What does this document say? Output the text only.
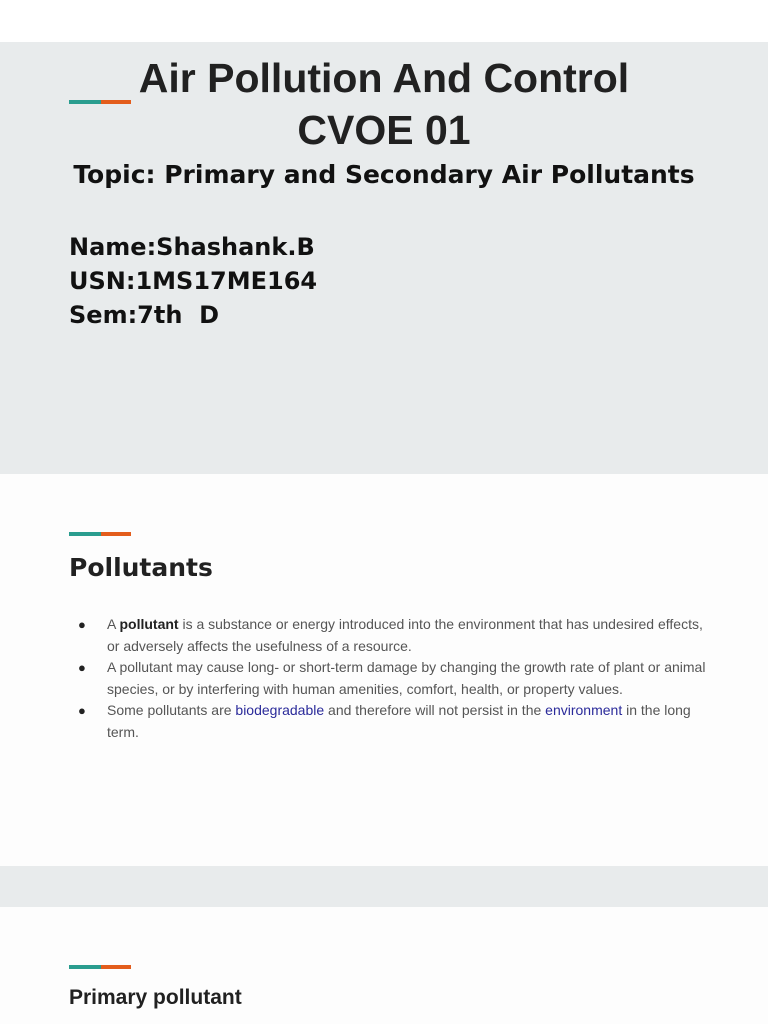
Air Pollution And Control
CVOE 01
Topic: Primary and Secondary Air Pollutants
Name:Shashank.B
USN:1MS17ME164
Sem:7th  D
Pollutants
● A pollutant is a substance or energy introduced into the environment that has undesired effects, or adversely affects the usefulness of a resource.
● A pollutant may cause long- or short-term damage by changing the growth rate of plant or animal species, or by interfering with human amenities, comfort, health, or property values.
● Some pollutants are biodegradable and therefore will not persist in the environment in the long term.
Primary pollutant
